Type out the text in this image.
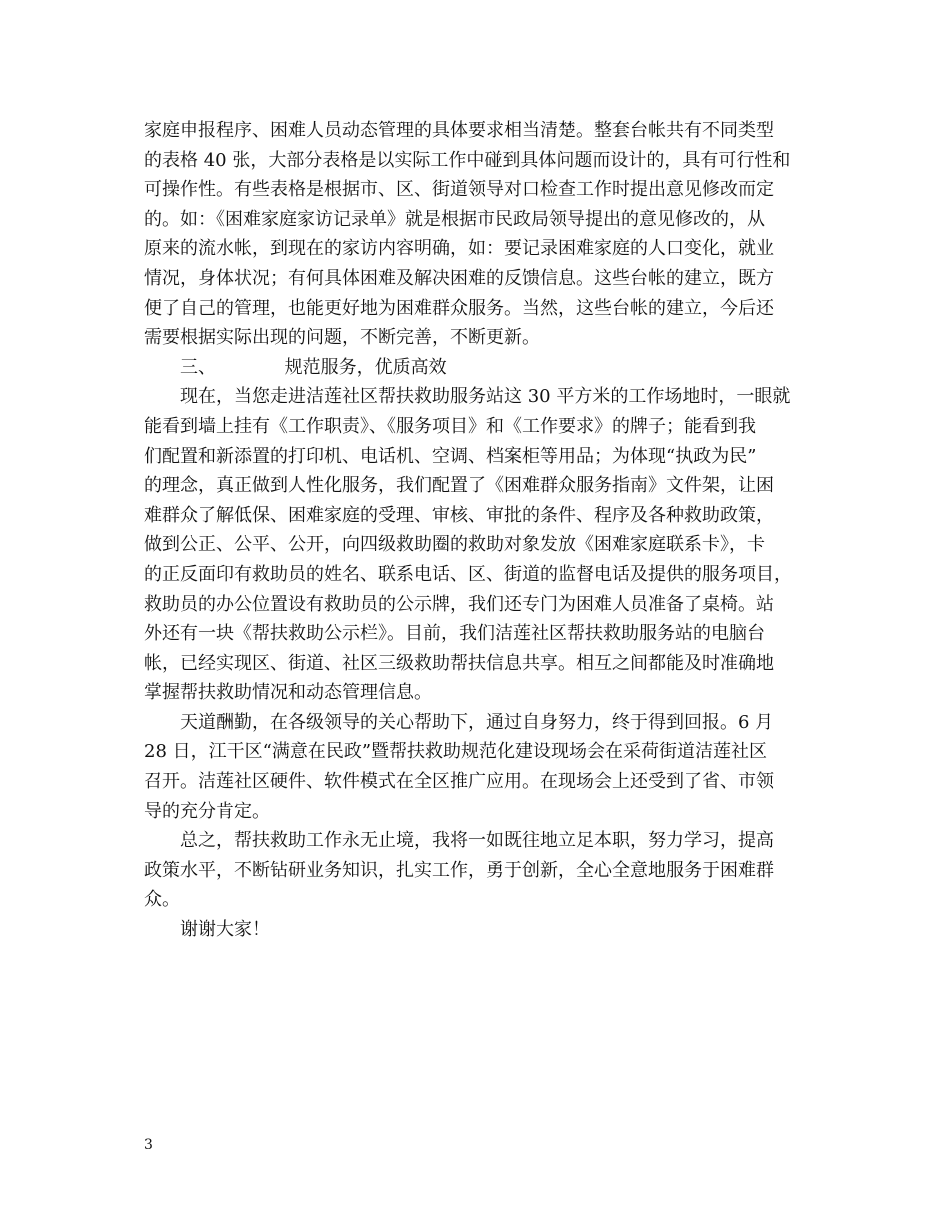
家庭申报程序、困难人员动态管理的具体要求相当清楚。整套台帐共有不同类型
的表格 40 张，大部分表格是以实际工作中碰到具体问题而设计的，具有可行性和
可操作性。有些表格是根据市、区、街道领导对口检查工作时提出意见修改而定
的。如：《困难家庭家访记录单》就是根据市民政局领导提出的意见修改的，从
原来的流水帐，到现在的家访内容明确，如：要记录困难家庭的人口变化，就业
情况，身体状况；有何具体困难及解决困难的反馈信息。这些台帐的建立，既方
便了自己的管理，也能更好地为困难群众服务。当然，这些台帐的建立，今后还
需要根据实际出现的问题，不断完善，不断更新。
三、            规范服务，优质高效
现在，当您走进洁莲社区帮扶救助服务站这 30 平方米的工作场地时，一眼就
能看到墙上挂有《工作职责》、《服务项目》和《工作要求》的牌子；能看到我
们配置和新添置的打印机、电话机、空调、档案柜等用品；为体现“执政为民”
的理念，真正做到人性化服务，我们配置了《困难群众服务指南》文件架，让困
难群众了解低保、困难家庭的受理、审核、审批的条件、程序及各种救助政策，
做到公正、公平、公开，向四级救助圈的救助对象发放《困难家庭联系卡》，卡
的正反面印有救助员的姓名、联系电话、区、街道的监督电话及提供的服务项目，
救助员的办公位置设有救助员的公示牌，我们还专门为困难人员准备了桌椅。站
外还有一块《帮扶救助公示栏》。目前，我们洁莲社区帮扶救助服务站的电脑台
帐，已经实现区、街道、社区三级救助帮扶信息共享。相互之间都能及时准确地
掌握帮扶救助情况和动态管理信息。
天道酬勤，在各级领导的关心帮助下，通过自身努力，终于得到回报。6 月
28 日，江干区“满意在民政”暨帮扶救助规范化建设现场会在采荷街道洁莲社区
召开。洁莲社区硬件、软件模式在全区推广应用。在现场会上还受到了省、市领
导的充分肯定。
总之，帮扶救助工作永无止境，我将一如既往地立足本职，努力学习，提高
政策水平，不断钻研业务知识，扎实工作，勇于创新，全心全意地服务于困难群
众。
谢谢大家！
3
